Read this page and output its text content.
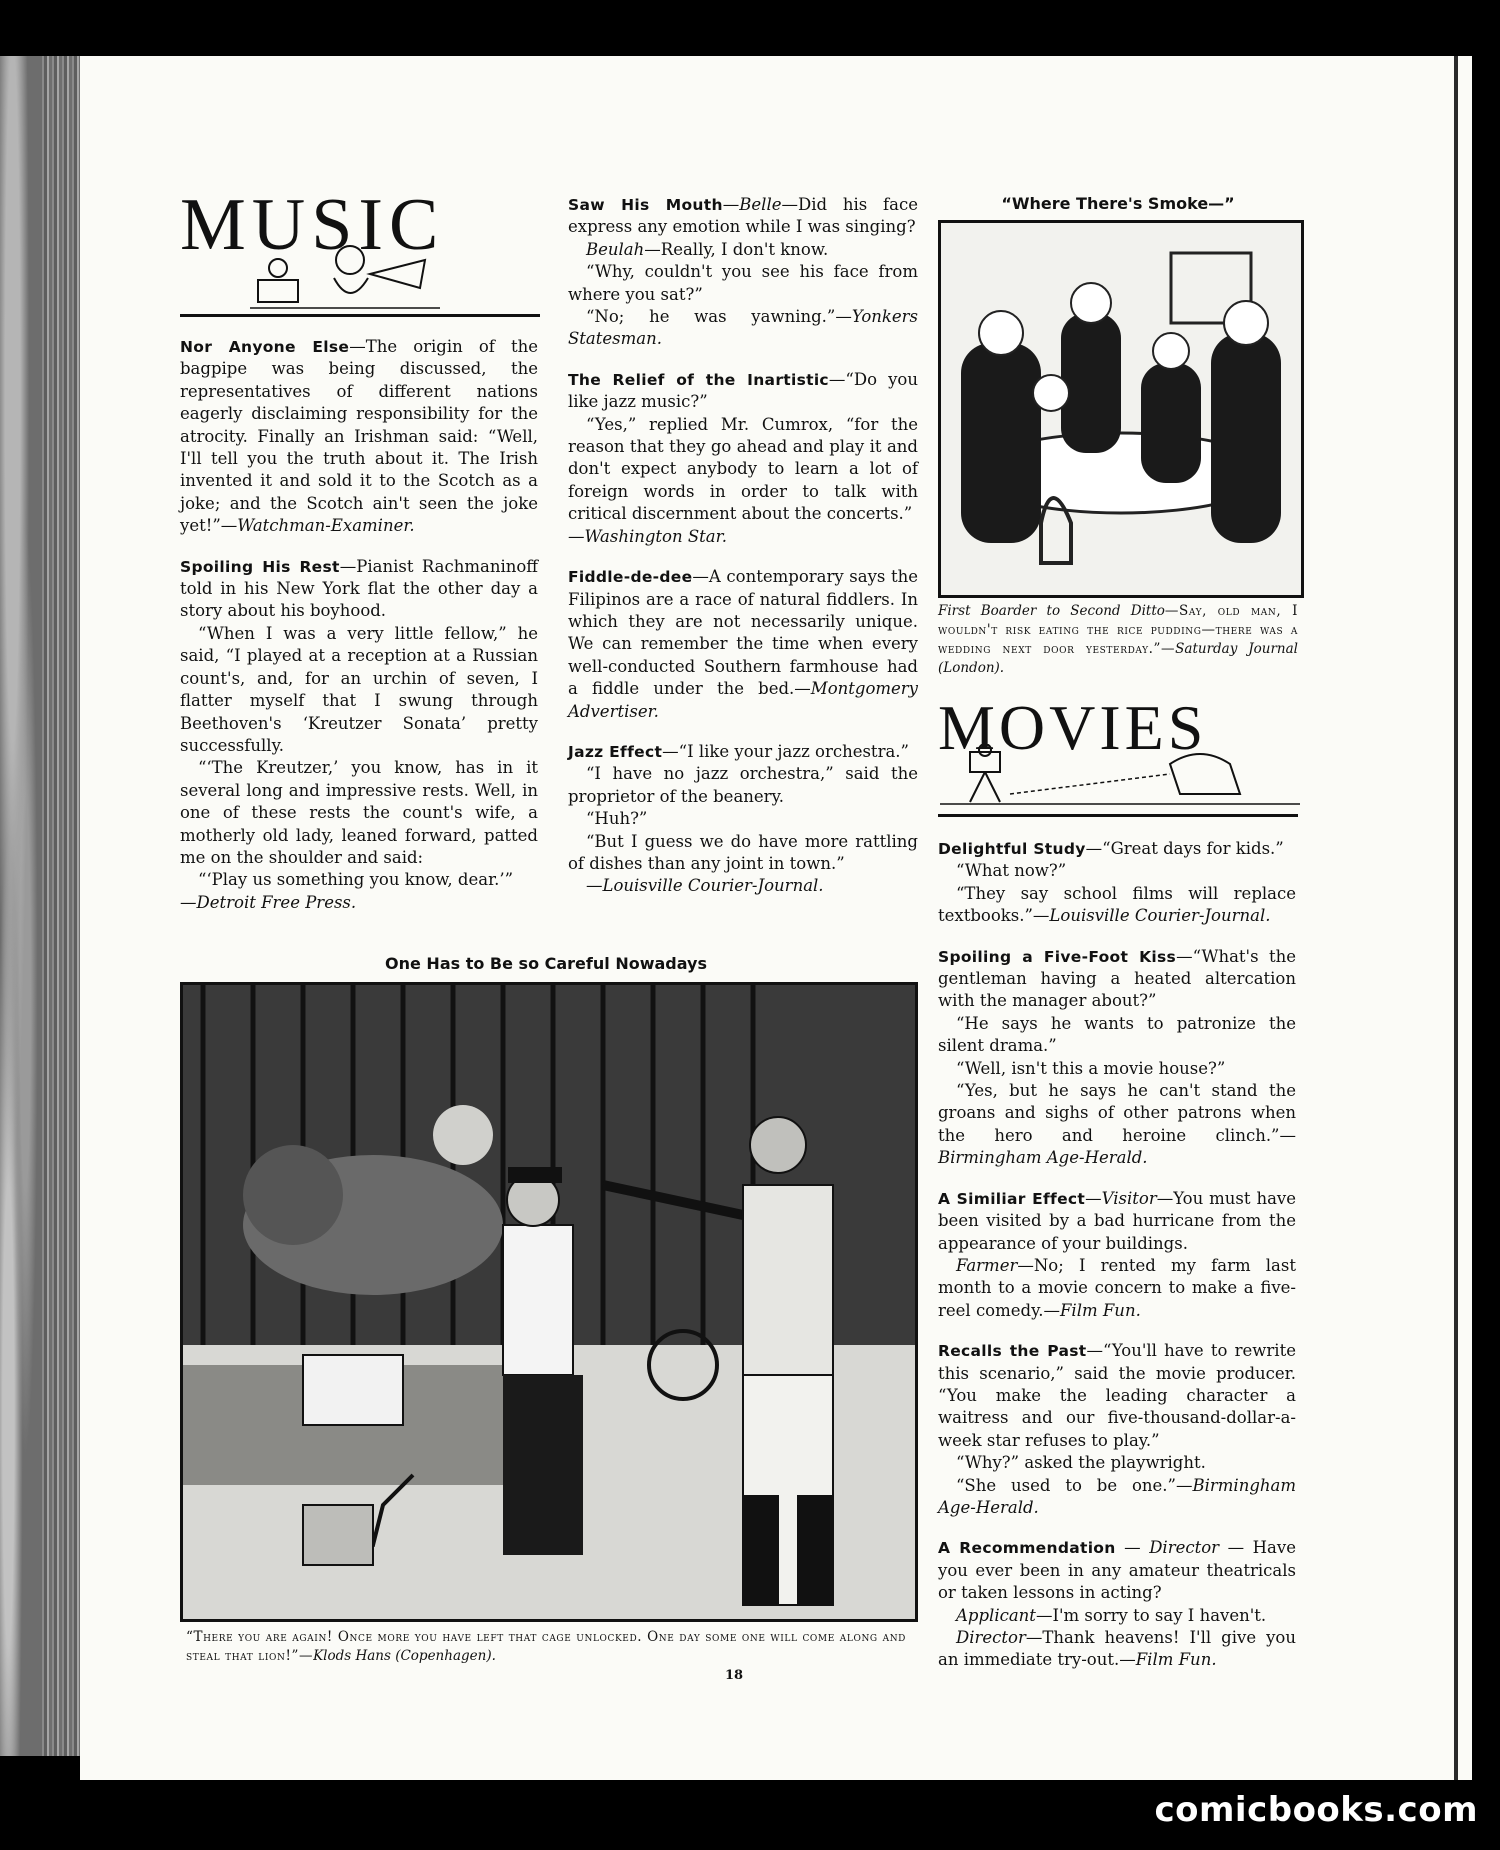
MUSIC

Nor Anyone Else—The origin of the bagpipe was being discussed, the representatives of different nations eagerly disclaiming responsibility for the atrocity. Finally an Irishman said: “Well, I'll tell you the truth about it. The Irish invented it and sold it to the Scotch as a joke; and the Scotch ain't seen the joke yet!”—Watchman-Examiner.

Spoiling His Rest—Pianist Rachmaninoff told in his New York flat the other day a story about his boyhood.

“When I was a very little fellow,” he said, “I played at a reception at a Russian count's, and, for an urchin of seven, I flatter myself that I swung through Beethoven's ‘Kreutzer Sonata’ pretty successfully.

“‘The Kreutzer,’ you know, has in it several long and impressive rests. Well, in one of these rests the count's wife, a motherly old lady, leaned forward, patted me on the shoulder and said:

“‘Play us something you know, dear.’”

—Detroit Free Press.

Saw His Mouth—Belle—Did his face express any emotion while I was singing?

Beulah—Really, I don't know.

“Why, couldn't you see his face from where you sat?”

“No; he was yawning.”—Yonkers Statesman.

The Relief of the Inartistic—“Do you like jazz music?”

“Yes,” replied Mr. Cumrox, “for the reason that they go ahead and play it and don't expect anybody to learn a lot of foreign words in order to talk with critical discernment about the concerts.”

—Washington Star.

Fiddle-de-dee—A contemporary says the Filipinos are a race of natural fiddlers. In which they are not necessarily unique. We can remember the time when every well-conducted Southern farmhouse had a fiddle under the bed.—Montgomery Advertiser.

Jazz Effect—“I like your jazz orchestra.”

“I have no jazz orchestra,” said the proprietor of the beanery.

“Huh?”

“But I guess we do have more rattling of dishes than any joint in town.”

—Louisville Courier-Journal.

“Where There's Smoke—”
First Boarder to Second Ditto—Say, old man, I wouldn't risk eating the rice pudding—there was a wedding next door yesterday.”—Saturday Journal (London).
MOVIES

Delightful Study—“Great days for kids.”

“What now?”

“They say school films will replace textbooks.”—Louisville Courier-Journal.

Spoiling a Five-Foot Kiss—“What's the gentleman having a heated altercation with the manager about?”

“He says he wants to patronize the silent drama.”

“Well, isn't this a movie house?”

“Yes, but he says he can't stand the groans and sighs of other patrons when the hero and heroine clinch.”—Birmingham Age-Herald.

A Similiar Effect—Visitor—You must have been visited by a bad hurricane from the appearance of your buildings.

Farmer—No; I rented my farm last month to a movie concern to make a five-reel comedy.—Film Fun.

Recalls the Past—“You'll have to rewrite this scenario,” said the movie producer. “You make the leading character a waitress and our five-thousand-dollar-a-week star refuses to play.”

“Why?” asked the playwright.

“She used to be one.”—Birmingham Age-Herald.

A Recommendation — Director — Have you ever been in any amateur theatricals or taken lessons in acting?

Applicant—I'm sorry to say I haven't.

Director—Thank heavens! I'll give you an immediate try-out.—Film Fun.

One Has to Be so Careful Nowadays
“There you are again! Once more you have left that cage unlocked. One day some one will come along and steal that lion!”—Klods Hans (Copenhagen).
18
comicbooks.com
